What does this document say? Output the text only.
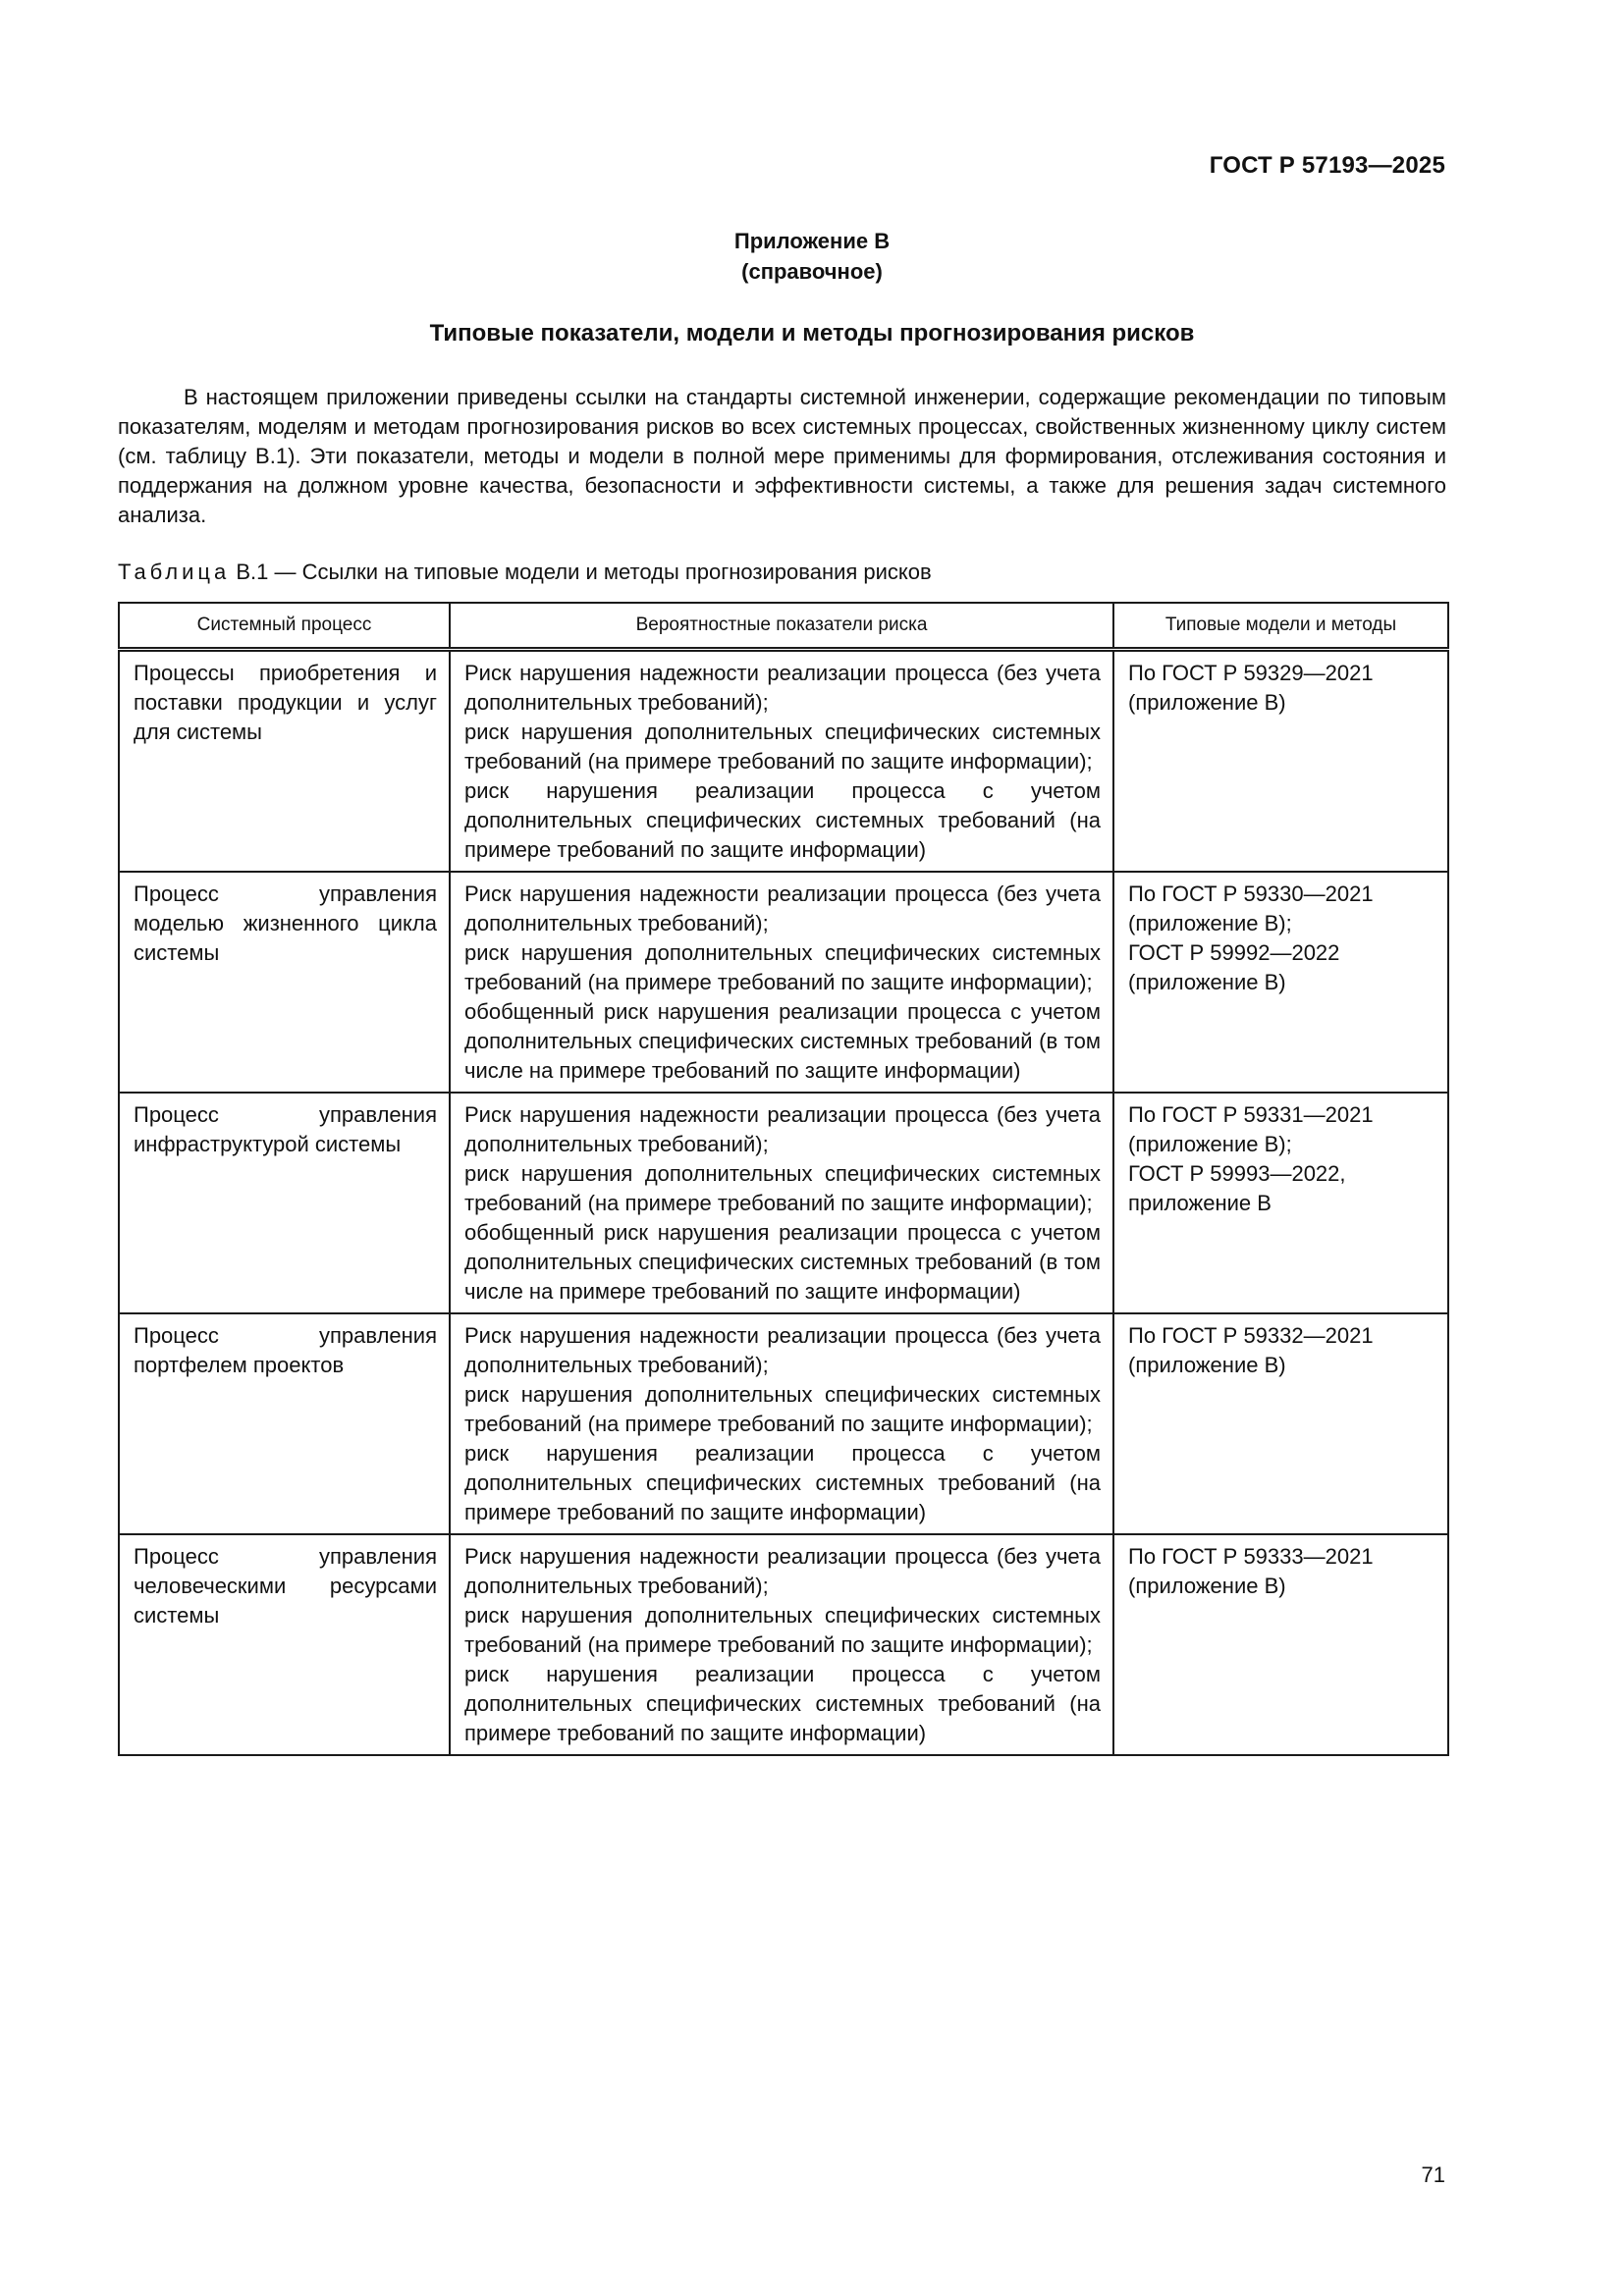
ГОСТ Р 57193—2025
Приложение В
(справочное)
Типовые показатели, модели и методы прогнозирования рисков
В настоящем приложении приведены ссылки на стандарты системной инженерии, содержащие рекомендации по типовым показателям, моделям и методам прогнозирования рисков во всех системных процессах, свойственных жизненному циклу систем (см. таблицу В.1). Эти показатели, методы и модели в полной мере применимы для формирования, отслеживания состояния и поддержания на должном уровне качества, безопасности и эффективности системы, а также для решения задач системного анализа.
Таблица В.1 — Ссылки на типовые модели и методы прогнозирования рисков
Системный процесс	Вероятностные показатели риска	Типовые модели и методы
Процессы приобретения и поставки продукции и услуг для системы	Риск нарушения надежности реализации процесса (без учета дополнительных требований);
риск нарушения дополнительных специфических системных требований (на примере требований по защите информации);
риск нарушения реализации процесса с учетом дополнительных специфических системных требований (на примере требований по защите информации)	По ГОСТ Р 59329—2021 (приложение В)

Процесс управления моделью жизненного цикла системы	Риск нарушения надежности реализации процесса (без учета дополнительных требований);
риск нарушения дополнительных специфических системных требований (на примере требований по защите информации);
обобщенный риск нарушения реализации процесса с учетом дополнительных специфических системных требований (в том числе на примере требований по защите информации)	По ГОСТ Р 59330—2021 (приложение В);
ГОСТ Р 59992—2022 (приложение В)

Процесс управления инфраструктурой системы	Риск нарушения надежности реализации процесса (без учета дополнительных требований);
риск нарушения дополнительных специфических системных требований (на примере требований по защите информации);
обобщенный риск нарушения реализации процесса с учетом дополнительных специфических системных требований (в том числе на примере требований по защите информации)	По ГОСТ Р 59331—2021 (приложение В);
ГОСТ Р 59993—2022, приложение В

Процесс управления портфелем проектов	Риск нарушения надежности реализации процесса (без учета дополнительных требований);
риск нарушения дополнительных специфических системных требований (на примере требований по защите информации);
риск нарушения реализации процесса с учетом дополнительных специфических системных требований (на примере требований по защите информации)	По ГОСТ Р 59332—2021 (приложение В)

Процесс управления человеческими ресурсами системы	Риск нарушения надежности реализации процесса (без учета дополнительных требований);
риск нарушения дополнительных специфических системных требований (на примере требований по защите информации);
риск нарушения реализации процесса с учетом дополнительных специфических системных требований (на примере требований по защите информации)	По ГОСТ Р 59333—2021 (приложение В)
71
